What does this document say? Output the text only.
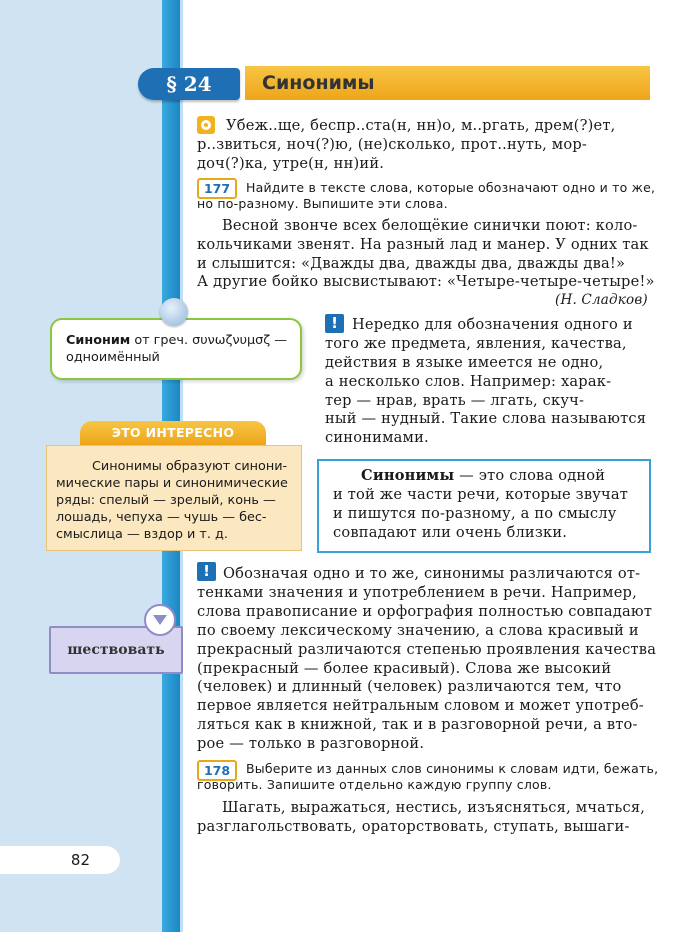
Синонимы
§ 24
Убеж..ще, беспр..ста(н, нн)о, м..ргать, дрем(?)ет,
р..звиться, ноч(?)ю, (не)сколько, прот..нуть, мор-
доч(?)ка, утре(н, нн)ий.
177	Найдите в тексте слова, которые обозначают одно и то же,
но по-разному. Выпишите эти слова.
Весной звонче всех белощёкие синички поют: коло-
кольчиками звенят. На разный лад и манер. У одних так
и слышится: «Дважды два, дважды два, дважды два!»
А другие бойко высвистывают: «Четыре-четыре-четыре!»
(Н. Сладков)
Синоним от греч. συνωζνυμσζ —
одноимённый
! Нередко для обозначения одного и
того же предмета, явления, качества,
действия в языке имеется не одно,
а несколько слов. Например: харак-
тер — нрав, врать — лгать, скуч-
ный — нудный. Такие слова называются
синонимами.
ЭТО ИНТЕРЕСНО
Синонимы образуют синони-
мические пары и синонимические
ряды: спелый — зрелый, конь —
лошадь, чепуха — чушь — бес-
смыслица — вздор и т. д.
Синонимы — это слова одной
и той же части речи, которые звучат
и пишутся по-разному, а по смыслу
совпадают или очень близки.
! Обозначая одно и то же, синонимы различаются от-
тенками значения и употреблением в речи. Например,
слова правописание и орфография полностью совпадают
по своему лексическому значению, а слова красивый и
прекрасный различаются степенью проявления качества
(прекрасный — более красивый). Слова же высокий
(человек) и длинный (человек) различаются тем, что
первое является нейтральным словом и может употреб-
ляться как в книжной, так и в разговорной речи, а вто-
рое — только в разговорной.
шествовать
178	Выберите из данных слов синонимы к словам идти, бежать,
говорить. Запишите отдельно каждую группу слов.
Шагать, выражаться, нестись, изъясняться, мчаться,
разглагольствовать, ораторствовать, ступать, вышаги-
82
